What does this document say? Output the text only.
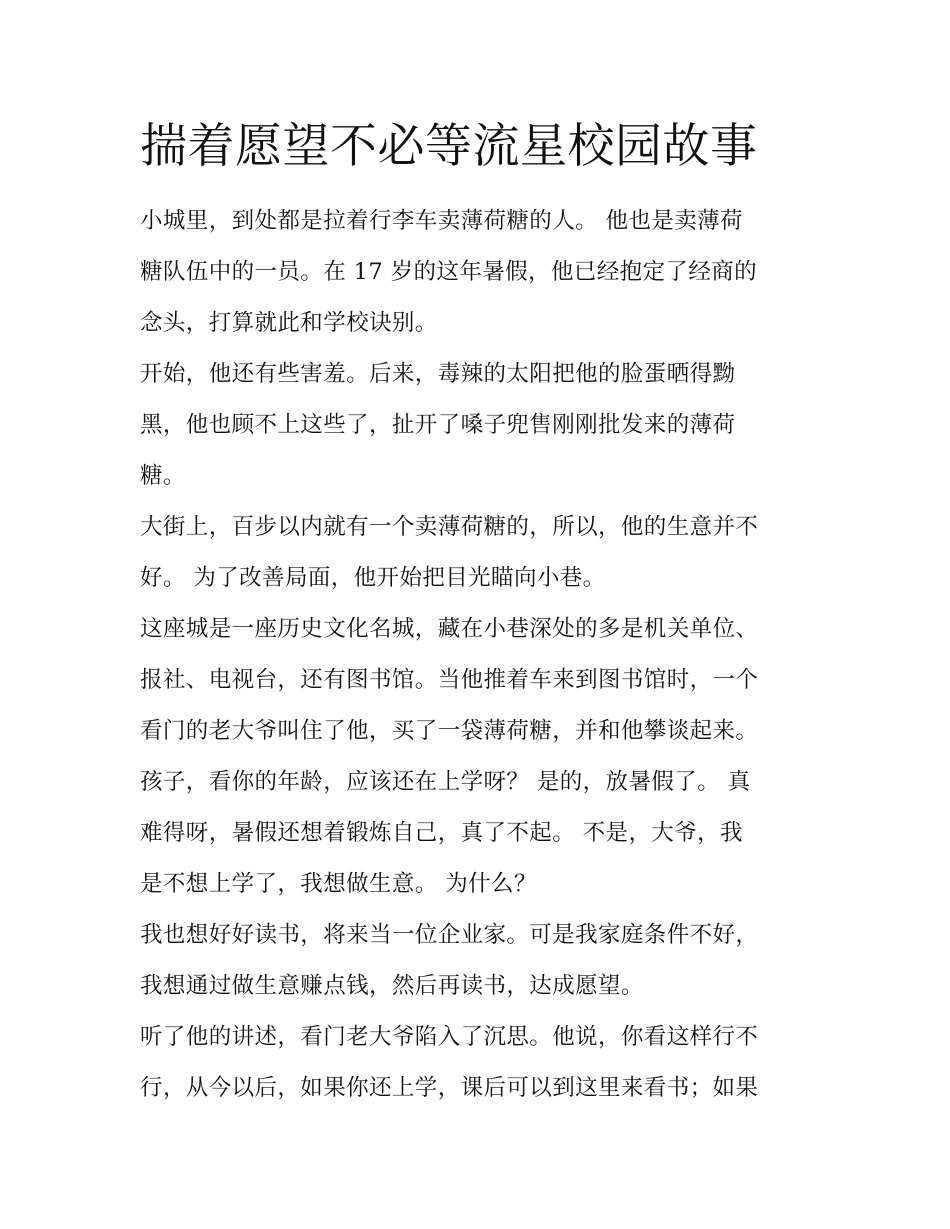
揣着愿望不必等流星校园故事
小城里，到处都是拉着行李车卖薄荷糖的人。 他也是卖薄荷
糖队伍中的一员。在 17 岁的这年暑假，他已经抱定了经商的
念头，打算就此和学校诀别。
开始，他还有些害羞。后来，毒辣的太阳把他的脸蛋晒得黝
黑，他也顾不上这些了，扯开了嗓子兜售刚刚批发来的薄荷
糖。
大街上，百步以内就有一个卖薄荷糖的，所以，他的生意并不
好。 为了改善局面，他开始把目光瞄向小巷。
这座城是一座历史文化名城，藏在小巷深处的多是机关单位、
报社、电视台，还有图书馆。当他推着车来到图书馆时，一个
看门的老大爷叫住了他，买了一袋薄荷糖，并和他攀谈起来。
孩子，看你的年龄，应该还在上学呀？ 是的，放暑假了。 真
难得呀，暑假还想着锻炼自己，真了不起。 不是，大爷，我
是不想上学了，我想做生意。 为什么？
我也想好好读书，将来当一位企业家。可是我家庭条件不好，
我想通过做生意赚点钱，然后再读书，达成愿望。
听了他的讲述，看门老大爷陷入了沉思。他说，你看这样行不
行，从今以后，如果你还上学，课后可以到这里来看书；如果
